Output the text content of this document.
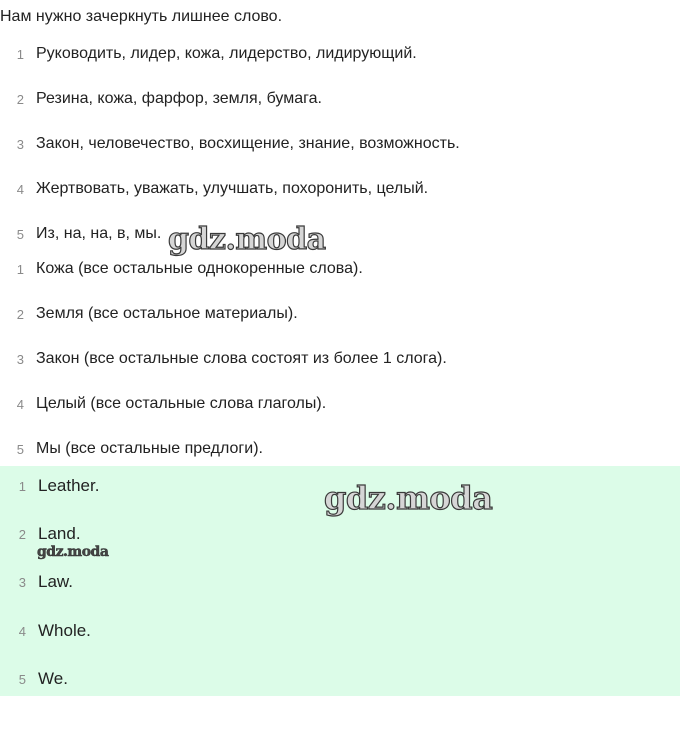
Нам нужно зачеркнуть лишнее слово.
1 Руководить, лидер, кожа, лидерство, лидирующий.
2 Резина, кожа, фарфор, земля, бумага.
3 Закон, человечество, восхищение, знание, возможность.
4 Жертвовать, уважать, улучшать, похоронить, целый.
5 Из, на, на, в, мы.
1 Кожа (все остальные однокоренные слова).
2 Земля (все остальное материалы).
3 Закон (все остальные слова состоят из более 1 слога).
4 Целый (все остальные слова глаголы).
5 Мы (все остальные предлоги).
1 Leather.
2 Land.
3 Law.
4 Whole.
5 We.
gdz.moda
gdz.moda
gdz.moda
